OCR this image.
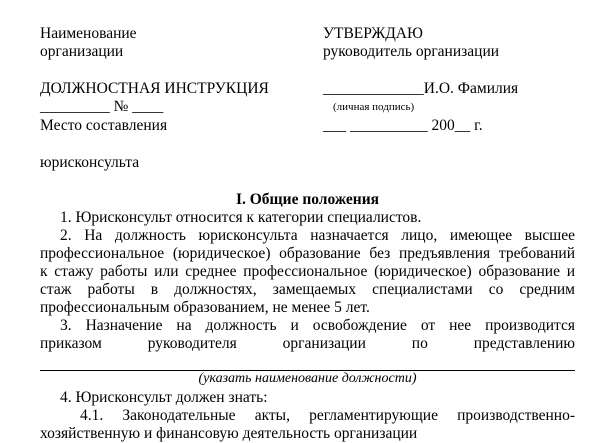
Наименование
организации
ДОЛЖНОСТНАЯ ИНСТРУКЦИЯ
_________ № ____
Место составления
юрисконсульта
УТВЕРЖДАЮ
руководитель организации
_____________И.О. Фамилия
(личная подпись)
___ __________ 200__ г.
I. Общие положения
1. Юрисконсульт относится к категории специалистов.
2. На должность юрисконсульта назначается лицо, имеющее высшее
профессиональное (юридическое) образование без предъявления требований
к стажу работы или среднее профессиональное (юридическое) образование и
стаж работы в должностях, замещаемых специалистами со средним
профессиональным образованием, не менее 5 лет.
3. Назначение на должность и освобождение от нее производится
приказом руководителя организации по представлению
(указать наименование должности)
4. Юрисконсульт должен знать:
4.1. Законодательные акты, регламентирующие производственно-
хозяйственную и финансовую деятельность организации
